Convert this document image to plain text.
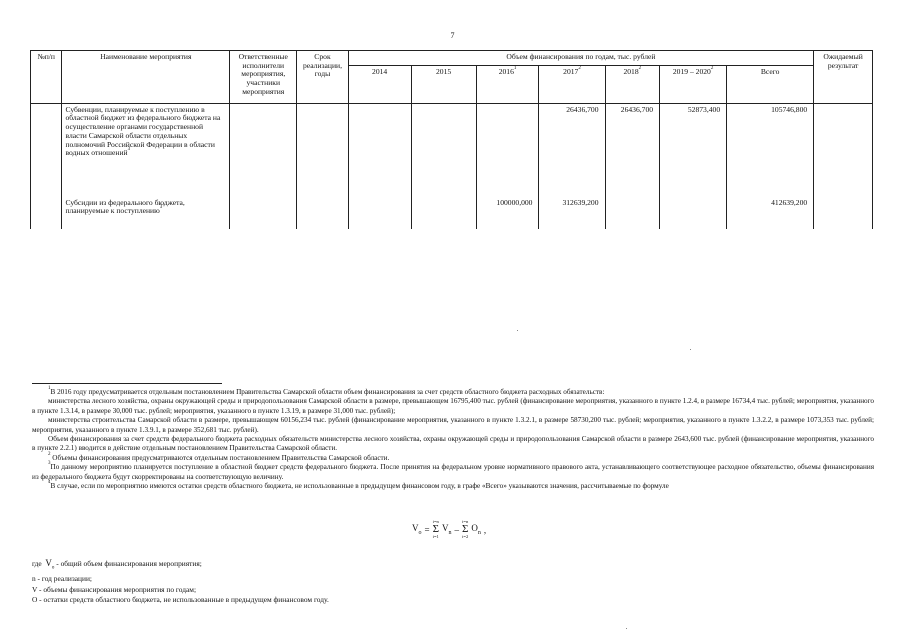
7
№п/п	Наименование мероприятия	Ответственные исполнители мероприятия, участники мероприятия	Срок реализации, годы	Объем финансирования по годам, тыс. рублей							Ожидаемый результат
				2014	2015	2016$^1$	2017$^2$	2018$^2$	2019 – 2020$^2$	Всего	
	Субвенции, планируемые к поступлению в областной бюджет из федерального бюджета на осуществление органами государственной власти Самарской области отдельных полномочий Российской Федерации в области водных отношений$^3$						26436,700	26436,700	52873,400	105746,800	
	Субсидии из федерального бюджета, планируемые к поступлению$^3$					100000,000	312639,200			412639,200	

$^1$В 2016 году предусматривается отдельным постановлением Правительства Самарской области объем финансирования за счет средств областного бюджета расходных обязательств:

министерства лесного хозяйства, охраны окружающей среды и природопользования Самарской области в размере, превышающем 16795,400 тыс. рублей (финансирование мероприятия, указанного в пункте 1.2.4, в размере 16734,4 тыс. рублей; мероприятия, указанного в пункте 1.3.14, в размере 30,000 тыс. рублей; мероприятия, указанного в пункте 1.3.19, в размере 31,000 тыс. рублей);

министерства строительства Самарской области в размере, превышающем 60156,234 тыс. рублей (финансирование мероприятия, указанного в пункте 1.3.2.1, в размере 58730,200 тыс. рублей; мероприятия, указанного в пункте 1.3.2.2, в размере 1073,353 тыс. рублей; мероприятия, указанного в пункте 1.3.9.1, в размере 352,681 тыс. рублей).

Объем финансирования за счет средств федерального бюджета расходных обязательств министерства лесного хозяйства, охраны окружающей среды и природопользования Самарской области в размере 2643,600 тыс. рублей (финансирование мероприятия, указанного в пункте 2.2.1) вводится в действие отдельным постановлением Правительства Самарской области.

$^2$ Объемы финансирования предусматриваются отдельным постановлением Правительства Самарской области.

$^3$По данному мероприятию планируется поступление в областной бюджет средств федерального бюджета. После принятия на федеральном уровне нормативного правового акта, устанавливающего соответствующее расходное обязательство, объемы финансирования из федерального бюджета будут скорректированы на соответствующую величину.

$^4$В случае, если по мероприятию имеются остатки средств областного бюджета, не использованные в предыдущем финансовом году, в графе «Всего» указываются значения, рассчитываемые по формуле

$V_о$ =
i=n
Σ
i=1
$V_n$ –
i=n
Σ
i=2
$O_n$ ,
где $V_о$ - общий объем финансирования мероприятия;
n - год реализации;
V - объемы финансирования мероприятия по годам;
O - остатки средств областного бюджета, не использованные в предыдущем финансовом году.
